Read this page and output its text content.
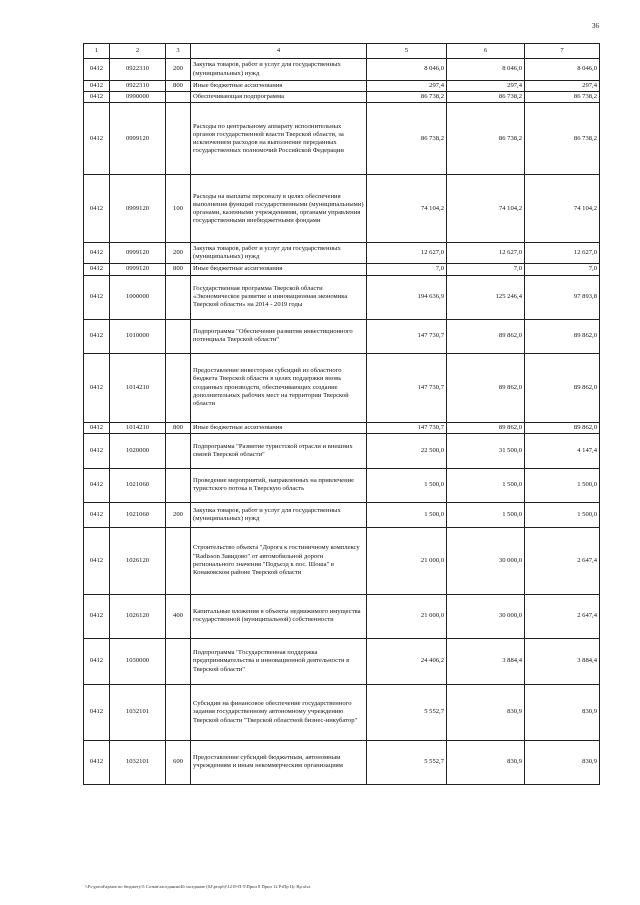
36
1	2	3	4	5	6	7
0412	0922310	200	Закупка товаров, работ и услуг для государственных (муниципальных) нужд	8 046,0	8 046,0	8 046,0
0412	0922310	800	Иные бюджетные ассигнования	297,4	297,4	297,4
0412	0990000		Обеспечивающая подпрограмма	86 738,2	86 738,2	86 738,2
0412	0999120		Расходы по центральному аппарату исполнительных органов государственной власти Тверской области, за исключением расходов на выполнение переданных государственных полномочий Российской Федерации	86 738,2	86 738,2	86 738,2
0412	0999120	100	Расходы на выплаты персоналу в целях обеспечения выполнения функций государственными (муниципальными) органами, казенными учреждениями, органами управления государственными внебюджетными фондами	74 104,2	74 104,2	74 104,2
0412	0999120	200	Закупка товаров, работ и услуг для государственных (муниципальных) нужд	12 627,0	12 627,0	12 627,0
0412	0999120	800	Иные бюджетные ассигнования	7,0	7,0	7,0
0412	1000000		Государственная программа Тверской области «Экономическое развитие и инновационная экономика Тверской области» на 2014 - 2019 годы	194 636,9	125 246,4	97 893,8
0412	1010000		Подпрограмма "Обеспечение развития инвестиционного потенциала Тверской области"	147 730,7	89 862,0	89 862,0
0412	1014210		Предоставление инвесторам субсидий из областного бюджета Тверской области в целях поддержки вновь созданных производств, обеспечивающих создание дополнительных рабочих мест на территории Тверской области	147 730,7	89 862,0	89 862,0
0412	1014210	800	Иные бюджетные ассигнования	147 730,7	89 862,0	89 862,0
0412	1020000		Подпрограмма "Развитие туристской отрасли и внешних связей Тверской области"	22 500,0	31 500,0	4 147,4
0412	1021060		Проведение мероприятий, направленных на привлечение туристского потока в Тверскую область	1 500,0	1 500,0	1 500,0
0412	1021060	200	Закупка товаров, работ и услуг для государственных (муниципальных) нужд	1 500,0	1 500,0	1 500,0
0412	1026120		Строительство объекта "Дорога к гостиничному комплексу "Radisson Завидово" от автомобильной дороги регионального значения "Подъезд к пос. Шоша" в Конаковском районе Тверской области	21 000,0	30 000,0	2 647,4
0412	1026120	400	Капитальные вложения в объекты недвижимого имущества государственной (муниципальной) собственности	21 000,0	30 000,0	2 647,4
0412	1030000		Подпрограмма "Государственная поддержка предпринимательства и инновационной деятельности в Тверской области"	24 406,2	3 884,4	3 884,4
0412	1032101		Субсидии на финансовое обеспечение государственного задания государственному автономному учреждению Тверской области "Тверской областной бизнес-инкубатор"	5 552,7	830,9	830,9
0412	1032101	600	Предоставление субсидий бюджетным, автономным учреждениям и иным некоммерческим организациям	5 552,7	830,9	830,9
\\Fs-gorod\архив по бюджету\5 Созыв\заседания\46 заседание (02\ргорб)\1219-П-5\Прил 8 Прил 12 РзПр Цс Вр.xlsx
